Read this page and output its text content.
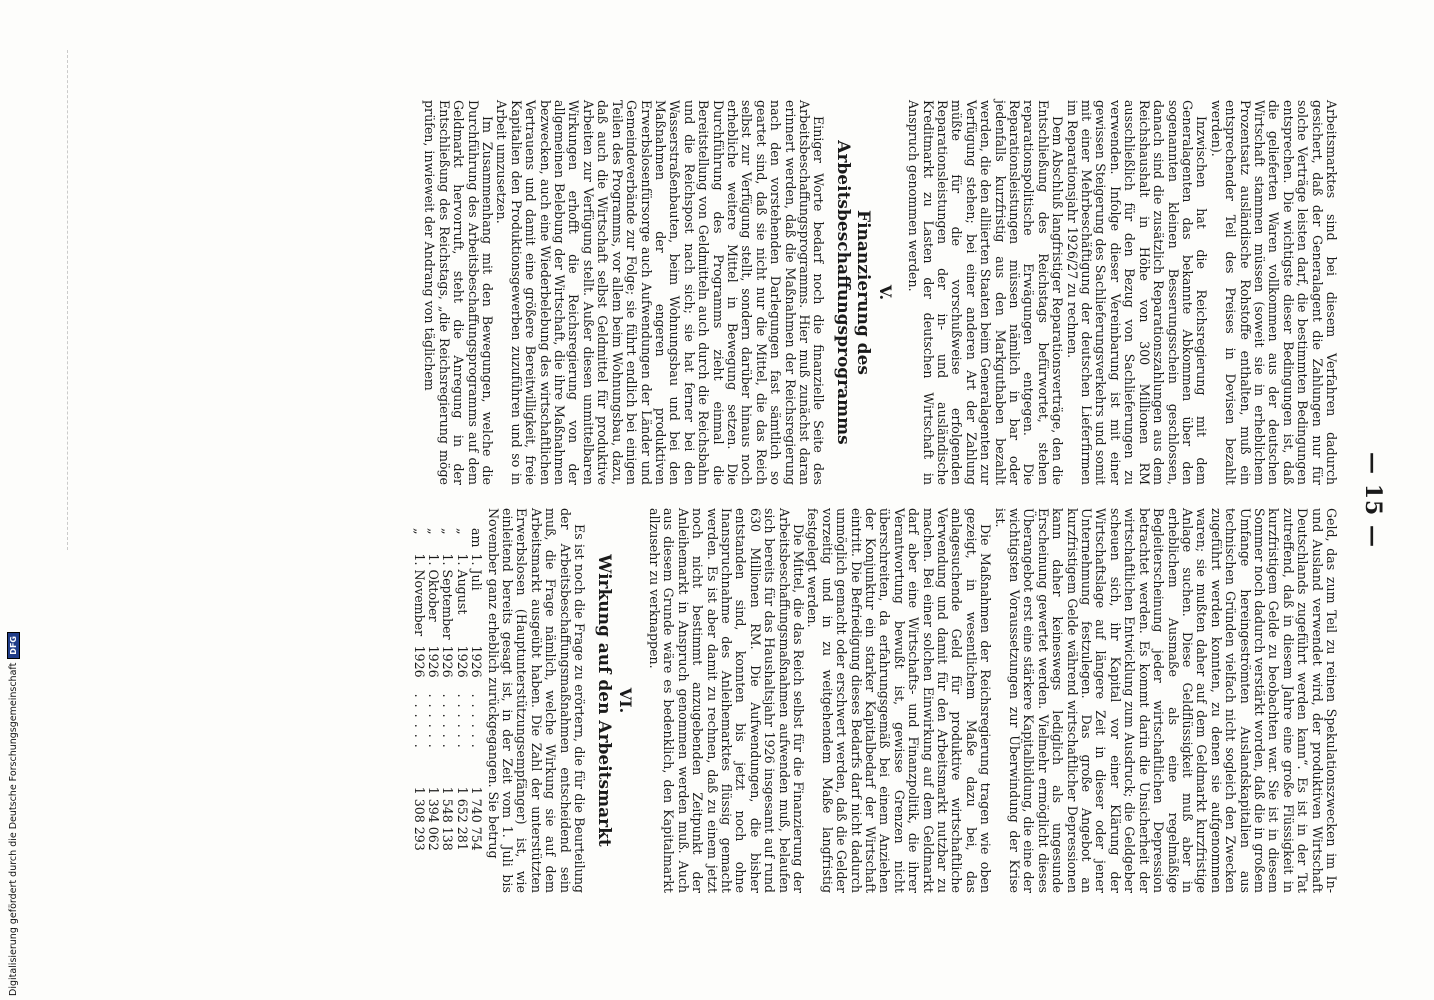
— 15 —

Arbeitsmarktes sind bei diesem Verfahren dadurch gesichert, daß der Generalagent die Zahlungen nur für solche Verträge leisten darf, die bestimmten Bedingungen entsprechen. Die wichtigste dieser Bedingungen ist, daß die gelieferten Waren vollkommen aus der deutschen Wirtschaft stammen müssen (soweit sie in erheblichem Prozentsatz ausländische Rohstoffe enthalten, muß ein entsprechender Teil des Preises in Devisen bezahlt werden).

Inzwischen hat die Reichsregierung mit dem Generalagenten das bekannte Abkommen über den sogenannten kleinen Besserungsschein geschlossen, danach sind die zusätzlich Reparationszahlungen aus dem Reichshaushalt in Höhe von 300 Millionen RM ausschließlich für den Bezug von Sachlieferungen zu verwenden. Infolge dieser Vereinbarung ist mit einer gewissen Steigerung des Sachlieferungsverkehrs und somit mit einer Mehrbeschäftigung der deutschen Lieferfirmen im Reparationsjahr 1926/27 zu rechnen.

Dem Abschluß langfristiger Reparationsverträge, den die Entschließung des Reichstags befürwortet, stehen reparationspolitische Erwägungen entgegen. Die Reparationsleistungen müssen nämlich in bar oder jedenfalls kurzfristig aus den Markguthaben bezahlt werden, die den alliierten Staaten beim Generalagenten zur Verfügung stehen; bei einer anderen Art der Zahlung müßte für die vorschußweise erfolgenden Reparationsleistungen der in- und ausländische Kreditmarkt zu Lasten der deutschen Wirtschaft in Anspruch genommen werden.

V.
Finanzierung des Arbeitsbeschaffungsprogramms

Einiger Worte bedarf noch die finanzielle Seite des Arbeitsbeschaffungsprogramms. Hier muß zunächst daran erinnert werden, daß die Maßnahmen der Reichsregierung nach den vorstehenden Darlegungen fast sämtlich so geartet sind, daß sie nicht nur die Mittel, die das Reich selbst zur Verfügung stellt, sondern darüber hinaus noch erhebliche weitere Mittel in Bewegung setzen. Die Durchführung des Programms zieht einmal die Bereitstellung von Geldmitteln auch durch die Reichsbahn und die Reichspost nach sich; sie hat ferner bei den Wasserstraßenbauten, beim Wohnungsbau und bei den Maßnahmen der engeren produktiven Erwerbslosenfürsorge auch Aufwendungen der Länder und Gemeindeverbände zur Folge; sie führt endlich bei einigen Teilen des Programms, vor allem beim Wohnungsbau, dazu, daß auch die Wirtschaft selbst Geldmittel für produktive Arbeiten zur Verfügung stellt. Außer diesen unmittelbaren Wirkungen erhofft die Reichsregierung von der allgemeinen Belebung der Wirtschaft, die ihre Maßnahmen bezwecken, auch eine Wiederbelebung des wirtschaftlichen Vertrauens und damit eine größere Bereitwilligkeit, freie Kapitalien den Produktionsgewerben zuzuführen und so in Arbeit umzusetzen.

Im Zusammenhang mit den Bewegungen, welche die Durchführung des Arbeitsbeschaffungsprogramms auf dem Geldmarkt hervorruft, steht die Anregung in der Entschließung des Reichstags, „die Reichsregierung möge prüfen, inwieweit der Andrang von täglichem

Geld, das zum Teil zu reinen Spekulationszwecken im In- und Ausland verwendet wird, der produktiven Wirtschaft Deutschlands zugeführt werden kann“. Es ist in der Tat zutreffend, daß in diesem Jahre eine große Flüssigkeit in kurzfristigem Gelde zu beobachten war. Sie ist in diesem Sommer noch dadurch verstärkt worden, daß die in großem Umfange hereingeströmten Auslandskapitalien aus technischen Gründen vielfach nicht sogleich den Zwecken zugeführt werden konnten, zu denen sie aufgenommen waren; sie mußten daher auf dem Geldmarkt kurzfristige Anlage suchen. Diese Geldflüssigkeit muß aber in erheblichem Ausmaße als eine regelmäßige Begleiterscheinung jeder wirtschaftlichen Depression betrachtet werden. Es kommt darin die Unsicherheit der wirtschaftlichen Entwicklung zum Ausdruck; die Geldgeber scheuen sich, ihr Kapital vor einer Klärung der Wirtschaftslage auf längere Zeit in dieser oder jener Unternehmung festzulegen. Das große Angebot an kurzfristigem Gelde während wirtschaftlicher Depressionen kann daher keineswegs lediglich als ungesunde Erscheinung gewertet werden. Vielmehr ermöglicht dieses Überangebot erst eine stärkere Kapitalbildung, die eine der wichtigsten Voraussetzungen zur Überwindung der Krise ist.

Die Maßnahmen der Reichsregierung tragen wie oben gezeigt, in wesentlichem Maße dazu bei, das anlagesuchende Geld für produktive wirtschaftliche Verwendung und damit für den Arbeitsmarkt nutzbar zu machen. Bei einer solchen Einwirkung auf dem Geldmarkt darf aber eine Wirtschafts- und Finanzpolitik, die ihrer Verantwortung bewußt ist, gewisse Grenzen nicht überschreiten, da erfahrungsgemäß bei einem Anziehen der Konjunktur ein starker Kapitalbedarf der Wirtschaft eintritt. Die Befriedigung dieses Bedarfs darf nicht dadurch unmöglich gemacht oder erschwert werden, daß die Gelder vorzeitig und in zu weitgehendem Maße langfristig festgelegt werden.

Die Mittel, die das Reich selbst für die Finanzierung der Arbeitsbeschaffungsmaßnahmen aufwenden muß, belaufen sich bereits für das Haushaltsjahr 1926 insgesamt auf rund 630 Millionen RM. Die Aufwendungen, die bisher entstanden sind, konnten bis jetzt noch ohne Inanspruchnahme des Anleihemarktes flüssig gemacht werden. Es ist aber damit zu rechnen, daß zu einem jetzt noch nicht bestimmt anzugebenden Zeitpunkt der Anleihemarkt in Anspruch genommen werden muß. Auch aus diesem Grunde wäre es bedenklich, den Kapitalmarkt allzusehr zu verknappen.

VI.
Wirkung auf den Arbeitsmarkt

Es ist noch die Frage zu erörtern, die für die Beurteilung der Arbeitsbeschaffungsmaßnahmen entscheidend sein muß, die Frage nämlich, welche Wirkung sie auf dem Arbeitsmarkt ausgeübt haben. Die Zahl der unterstützten Erwerbslosen (Hauptunterstützungsempfänger) ist, wie einleitend bereits gesagt ist, in der Zeit vom 1. Juli bis November ganz erheblich zurückgegangen. Sie betrug

am	1. Juli	1926	. . . . . .	1 740 754
„	1. August	1926	. . . . . .	1 652 281
„	1. September	1926	. . . . . .	1 548 138
„	1. Oktober	1926	. . . . . .	1 394 062
„	1. November	1926	. . . . . .	1 308 293
Digitalisierung gefördert durch die Deutsche Forschungsgemeinschaft
DFG
